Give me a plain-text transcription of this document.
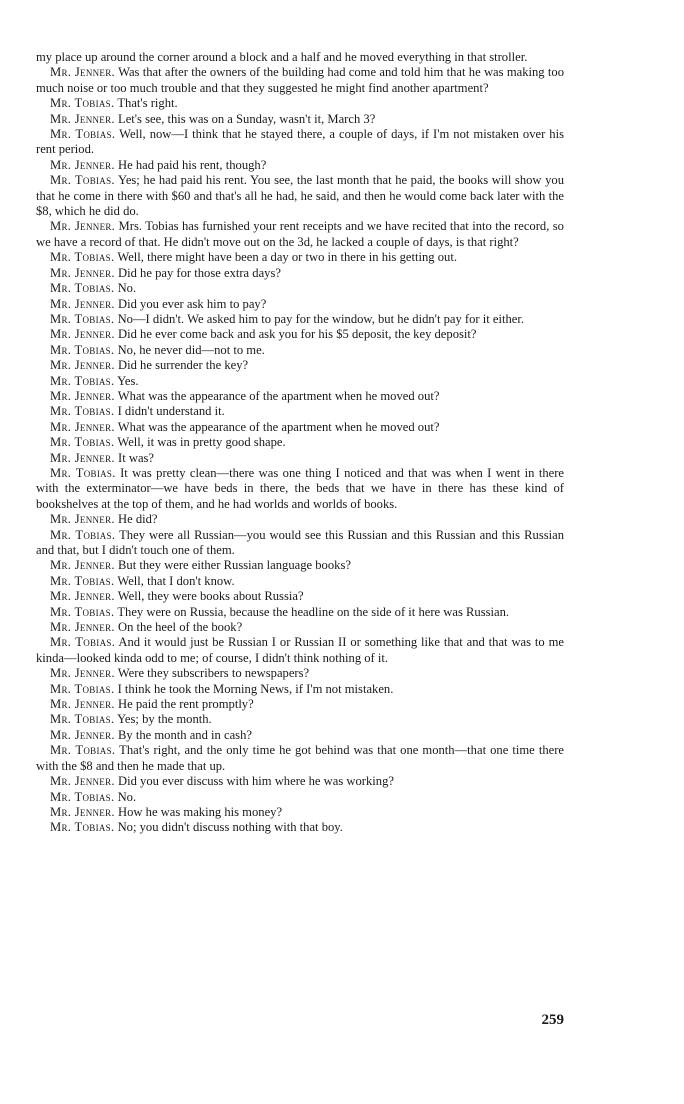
my place up around the corner around a block and a half and he moved everything in that stroller.

Mr. Jenner. Was that after the owners of the building had come and told him that he was making too much noise or too much trouble and that they suggested he might find another apartment?

Mr. Tobias. That's right.

Mr. Jenner. Let's see, this was on a Sunday, wasn't it, March 3?

Mr. Tobias. Well, now—I think that he stayed there, a couple of days, if I'm not mistaken over his rent period.

Mr. Jenner. He had paid his rent, though?

Mr. Tobias. Yes; he had paid his rent. You see, the last month that he paid, the books will show you that he come in there with $60 and that's all he had, he said, and then he would come back later with the $8, which he did do.

Mr. Jenner. Mrs. Tobias has furnished your rent receipts and we have recited that into the record, so we have a record of that. He didn't move out on the 3d, he lacked a couple of days, is that right?

Mr. Tobias. Well, there might have been a day or two in there in his getting out.

Mr. Jenner. Did he pay for those extra days?

Mr. Tobias. No.

Mr. Jenner. Did you ever ask him to pay?

Mr. Tobias. No—I didn't. We asked him to pay for the window, but he didn't pay for it either.

Mr. Jenner. Did he ever come back and ask you for his $5 deposit, the key deposit?

Mr. Tobias. No, he never did—not to me.

Mr. Jenner. Did he surrender the key?

Mr. Tobias. Yes.

Mr. Jenner. What was the appearance of the apartment when he moved out?

Mr. Tobias. I didn't understand it.

Mr. Jenner. What was the appearance of the apartment when he moved out?

Mr. Tobias. Well, it was in pretty good shape.

Mr. Jenner. It was?

Mr. Tobias. It was pretty clean—there was one thing I noticed and that was when I went in there with the exterminator—we have beds in there, the beds that we have in there has these kind of bookshelves at the top of them, and he had worlds and worlds of books.

Mr. Jenner. He did?

Mr. Tobias. They were all Russian—you would see this Russian and this Russian and this Russian and that, but I didn't touch one of them.

Mr. Jenner. But they were either Russian language books?

Mr. Tobias. Well, that I don't know.

Mr. Jenner. Well, they were books about Russia?

Mr. Tobias. They were on Russia, because the headline on the side of it here was Russian.

Mr. Jenner. On the heel of the book?

Mr. Tobias. And it would just be Russian I or Russian II or something like that and that was to me kinda—looked kinda odd to me; of course, I didn't think nothing of it.

Mr. Jenner. Were they subscribers to newspapers?

Mr. Tobias. I think he took the Morning News, if I'm not mistaken.

Mr. Jenner. He paid the rent promptly?

Mr. Tobias. Yes; by the month.

Mr. Jenner. By the month and in cash?

Mr. Tobias. That's right, and the only time he got behind was that one month—that one time there with the $8 and then he made that up.

Mr. Jenner. Did you ever discuss with him where he was working?

Mr. Tobias. No.

Mr. Jenner. How he was making his money?

Mr. Tobias. No; you didn't discuss nothing with that boy.

259
